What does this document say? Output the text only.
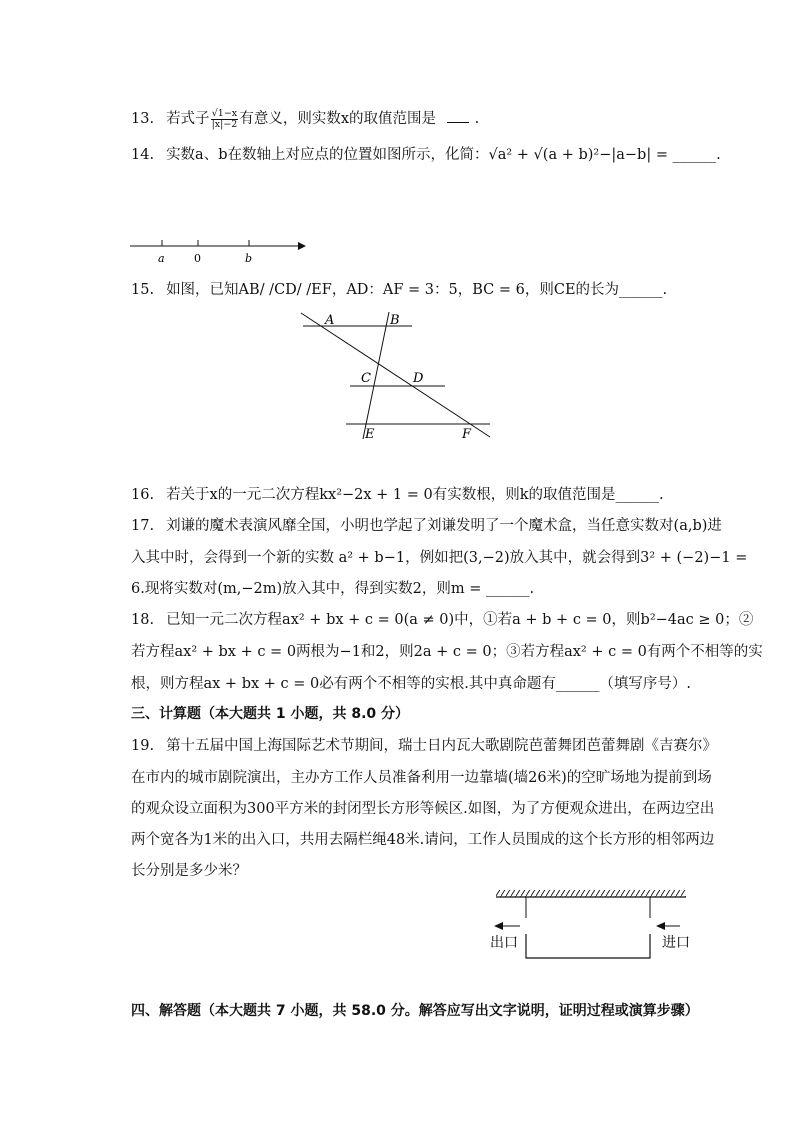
13. 若式子 $\frac{√1-x}{|x|-2}$ 有意义，则实数x的取值范围是	.
14. 实数a、b在数轴上对应点的位置如图所示，化简：√a² + √(a + b)²−|a−b| = ______.
a	0	b
15. 如图，已知AB/ /CD/ /EF，AD：AF = 3：5，BC = 6，则CE的长为______.
A	B
C	D
E	F
16. 若关于x的一元二次方程kx²−2x + 1 = 0有实数根，则k的取值范围是______.
17. 刘谦的魔术表演风靡全国，小明也学起了刘谦发明了一个魔术盒，当任意实数对(a,b)进
入其中时，会得到一个新的实数 a² + b−1，例如把(3,−2)放入其中，就会得到3² + (−2)−1 =
6.现将实数对(m,−2m)放入其中，得到实数2，则m = ______.
18. 已知一元二次方程ax² + bx + c = 0(a ≠ 0)中，①若a + b + c = 0，则b²−4ac ≥ 0；②
若方程ax² + bx + c = 0两根为−1和2，则2a + c = 0；③若方程ax² + c = 0有两个不相等的实
根，则方程ax + bx + c = 0必有两个不相等的实根.其中真命题有______（填写序号）.
三、计算题（本大题共 1 小题，共 8.0 分）
19. 第十五届中国上海国际艺术节期间，瑞士日内瓦大歌剧院芭蕾舞团芭蕾舞剧《吉赛尔》
在市内的城市剧院演出，主办方工作人员准备利用一边靠墙(墙26米)的空旷场地为提前到场
的观众设立面积为300平方米的封闭型长方形等候区.如图，为了方便观众进出，在两边空出
两个宽各为1米的出入口，共用去隔栏绳48米.请问，工作人员围成的这个长方形的相邻两边
长分别是多少米？
出口	进口
四、解答题（本大题共 7 小题，共 58.0 分。解答应写出文字说明，证明过程或演算步骤）
